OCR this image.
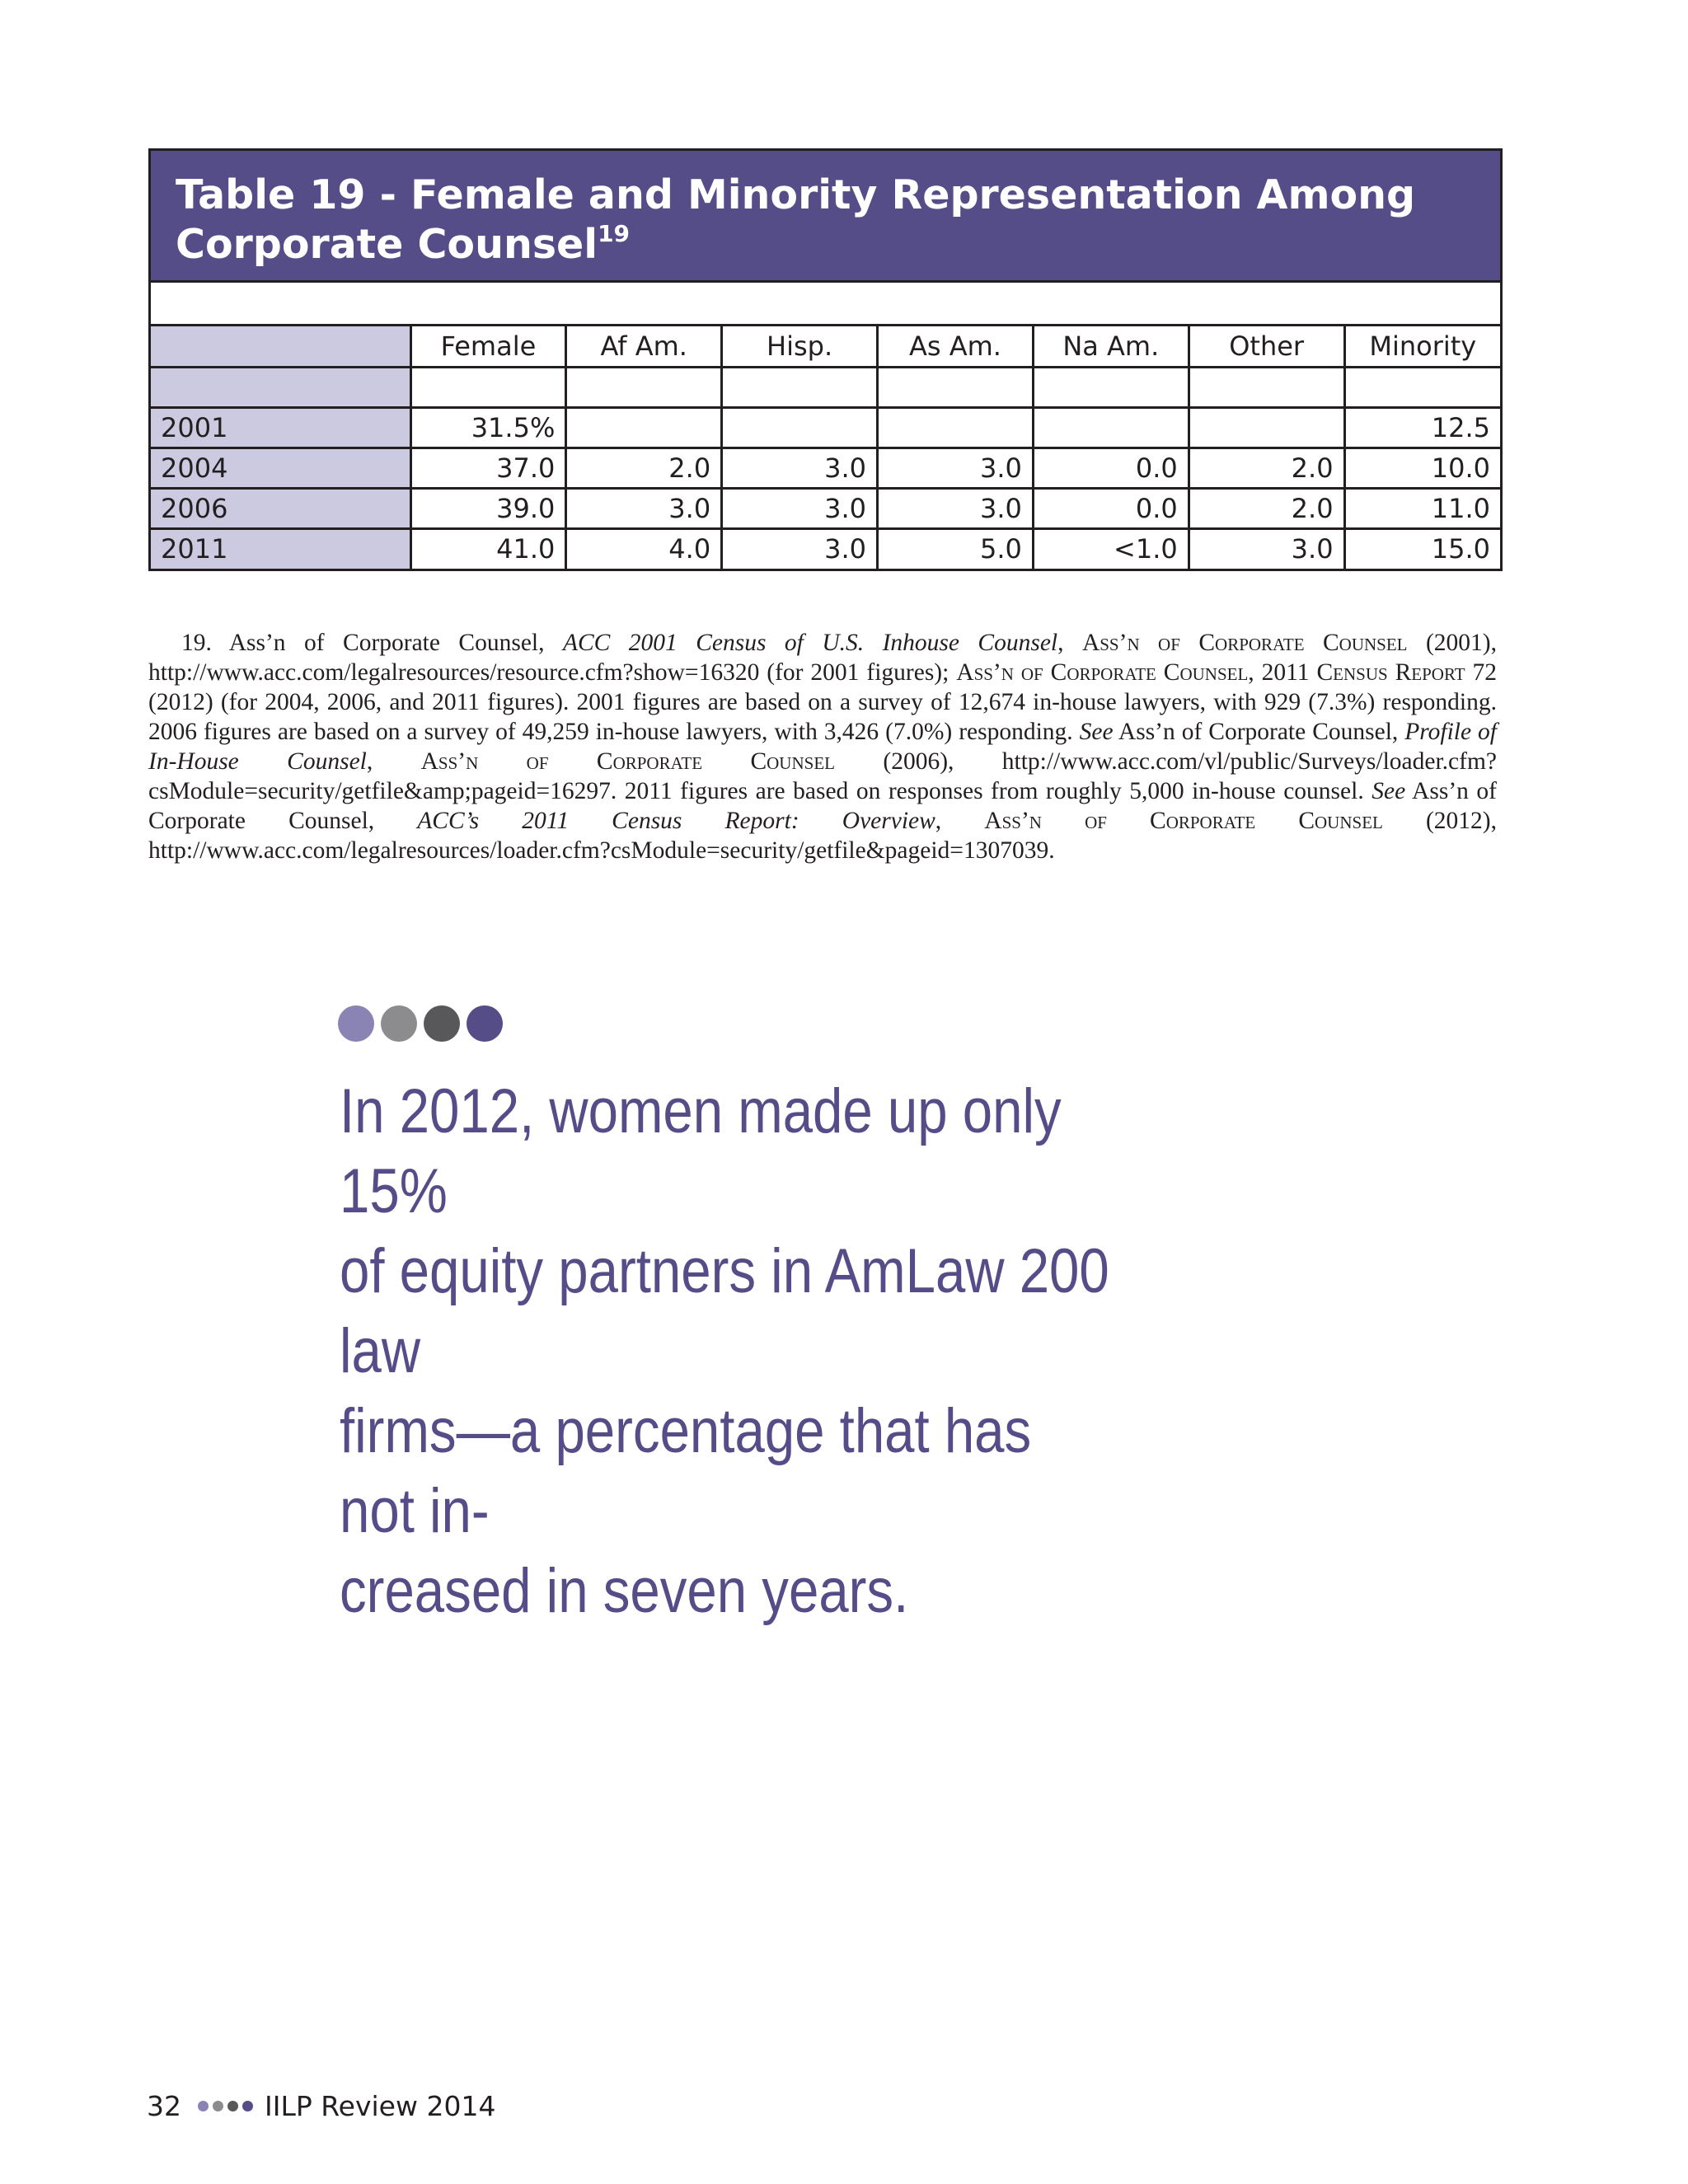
Table 19 - Female and Minority Representation Among Corporate Counsel$^{19}$
	Female	Af Am.	Hisp.	As Am.	Na Am.	Other	Minority

2001	31.5%						12.5
2004	37.0	2.0	3.0	3.0	0.0	2.0	10.0
2006	39.0	3.0	3.0	3.0	0.0	2.0	11.0
2011	41.0	4.0	3.0	5.0	<1.0	3.0	15.0
19. Ass’n of Corporate Counsel, ACC 2001 Census of U.S. Inhouse Counsel, Ass’n of Corporate Counsel (2001), http://www.acc.com/legalresources/resource.cfm?show=16320 (for 2001 figures); Ass’n of Corporate Counsel, 2011 Census Report 72 (2012) (for 2004, 2006, and 2011 figures). 2001 figures are based on a survey of 12,674 in-house lawyers, with 929 (7.3%) responding. 2006 figures are based on a survey of 49,259 in-house lawyers, with 3,426 (7.0%) responding. See Ass’n of Corporate Counsel, Profile of In-House Counsel, Ass’n of Corporate Counsel (2006), http://www.acc.com/vl/public/Surveys/loader.cfm?csModule=security/getfile&amp;pageid=16297. 2011 figures are based on responses from roughly 5,000 in-house counsel. See Ass’n of Corporate Counsel, ACC’s 2011 Census Report: Overview, Ass’n of Corporate Counsel (2012), http://www.acc.com/legalresources/loader.cfm?csModule=security/getfile&pageid=1307039.
In 2012, women made up only 15%
of equity partners in AmLaw 200 law
firms—a percentage that has not in-
creased in seven years.
32	IILP Review 2014
